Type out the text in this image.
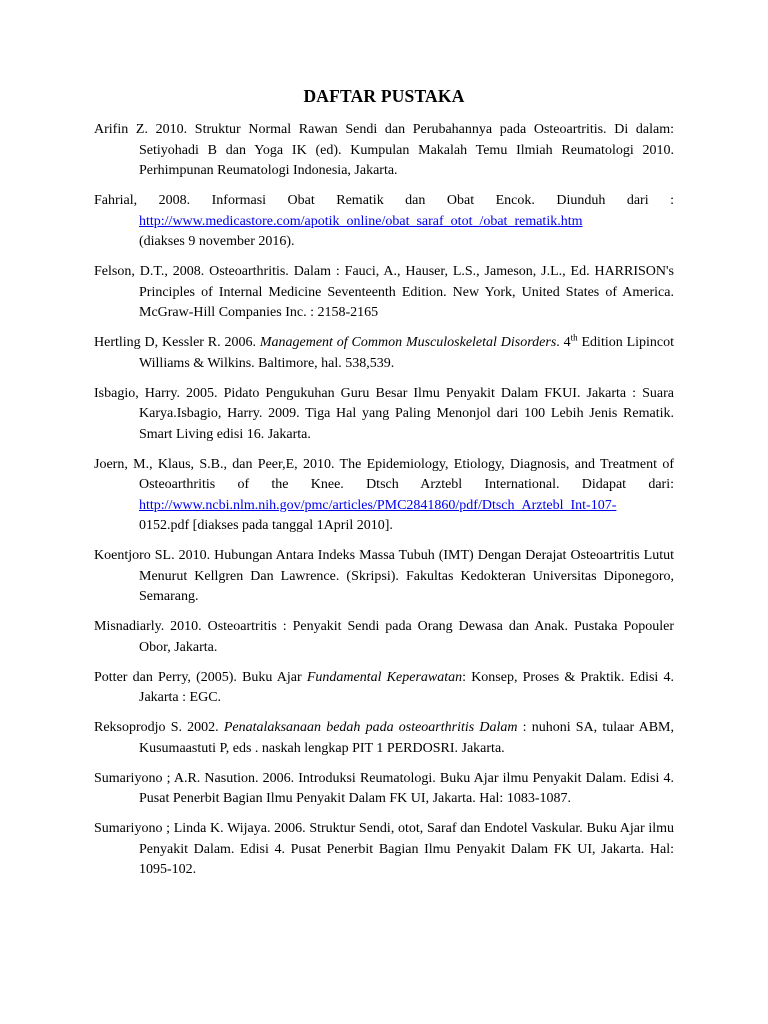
DAFTAR PUSTAKA

Arifin Z. 2010. Struktur Normal Rawan Sendi dan Perubahannya pada Osteoartritis. Di dalam: Setiyohadi B dan Yoga IK (ed). Kumpulan Makalah Temu Ilmiah Reumatologi 2010. Perhimpunan Reumatologi Indonesia, Jakarta.

Fahrial, 2008. Informasi Obat Rematik dan Obat Encok. Diunduh dari : http://www.medicastore.com/apotik_online/obat_saraf_otot_/obat_rematik.htm
(diakses 9 november 2016).

Felson, D.T., 2008. Osteoarthritis. Dalam : Fauci, A., Hauser, L.S., Jameson, J.L., Ed. HARRISON's Principles of Internal Medicine Seventeenth Edition. New York, United States of America. McGraw-Hill Companies Inc. : 2158-2165

Hertling D, Kessler R. 2006. Management of Common Musculoskeletal Disorders. 4th Edition Lipincot Williams & Wilkins. Baltimore, hal. 538,539.

Isbagio, Harry. 2005. Pidato Pengukuhan Guru Besar Ilmu Penyakit Dalam FKUI. Jakarta : Suara Karya.Isbagio, Harry. 2009. Tiga Hal yang Paling Menonjol dari 100 Lebih Jenis Rematik. Smart Living edisi 16. Jakarta.

Joern, M., Klaus, S.B., dan Peer,E, 2010. The Epidemiology, Etiology, Diagnosis, and Treatment of Osteoarthritis of the Knee. Dtsch Arztebl International. Didapat dari: http://www.ncbi.nlm.nih.gov/pmc/articles/PMC2841860/pdf/Dtsch_Arztebl_Int-107-
0152.pdf [diakses pada tanggal 1April 2010].

Koentjoro SL. 2010. Hubungan Antara Indeks Massa Tubuh (IMT) Dengan Derajat Osteoartritis Lutut Menurut Kellgren Dan Lawrence. (Skripsi). Fakultas Kedokteran Universitas Diponegoro, Semarang.

Misnadiarly. 2010. Osteoartritis : Penyakit Sendi pada Orang Dewasa dan Anak. Pustaka Popouler Obor, Jakarta.

Potter dan Perry, (2005). Buku Ajar Fundamental Keperawatan: Konsep, Proses & Praktik. Edisi 4. Jakarta : EGC.

Reksoprodjo S. 2002. Penatalaksanaan bedah pada osteoarthritis Dalam : nuhoni SA, tulaar ABM, Kusumaastuti P, eds . naskah lengkap PIT 1 PERDOSRI. Jakarta.

Sumariyono ; A.R. Nasution. 2006. Introduksi Reumatologi. Buku Ajar ilmu Penyakit Dalam. Edisi 4. Pusat Penerbit Bagian Ilmu Penyakit Dalam FK UI, Jakarta. Hal: 1083-1087.

Sumariyono ; Linda K. Wijaya. 2006. Struktur Sendi, otot, Saraf dan Endotel Vaskular. Buku Ajar ilmu Penyakit Dalam. Edisi 4. Pusat Penerbit Bagian Ilmu Penyakit Dalam FK UI, Jakarta. Hal: 1095-102.
